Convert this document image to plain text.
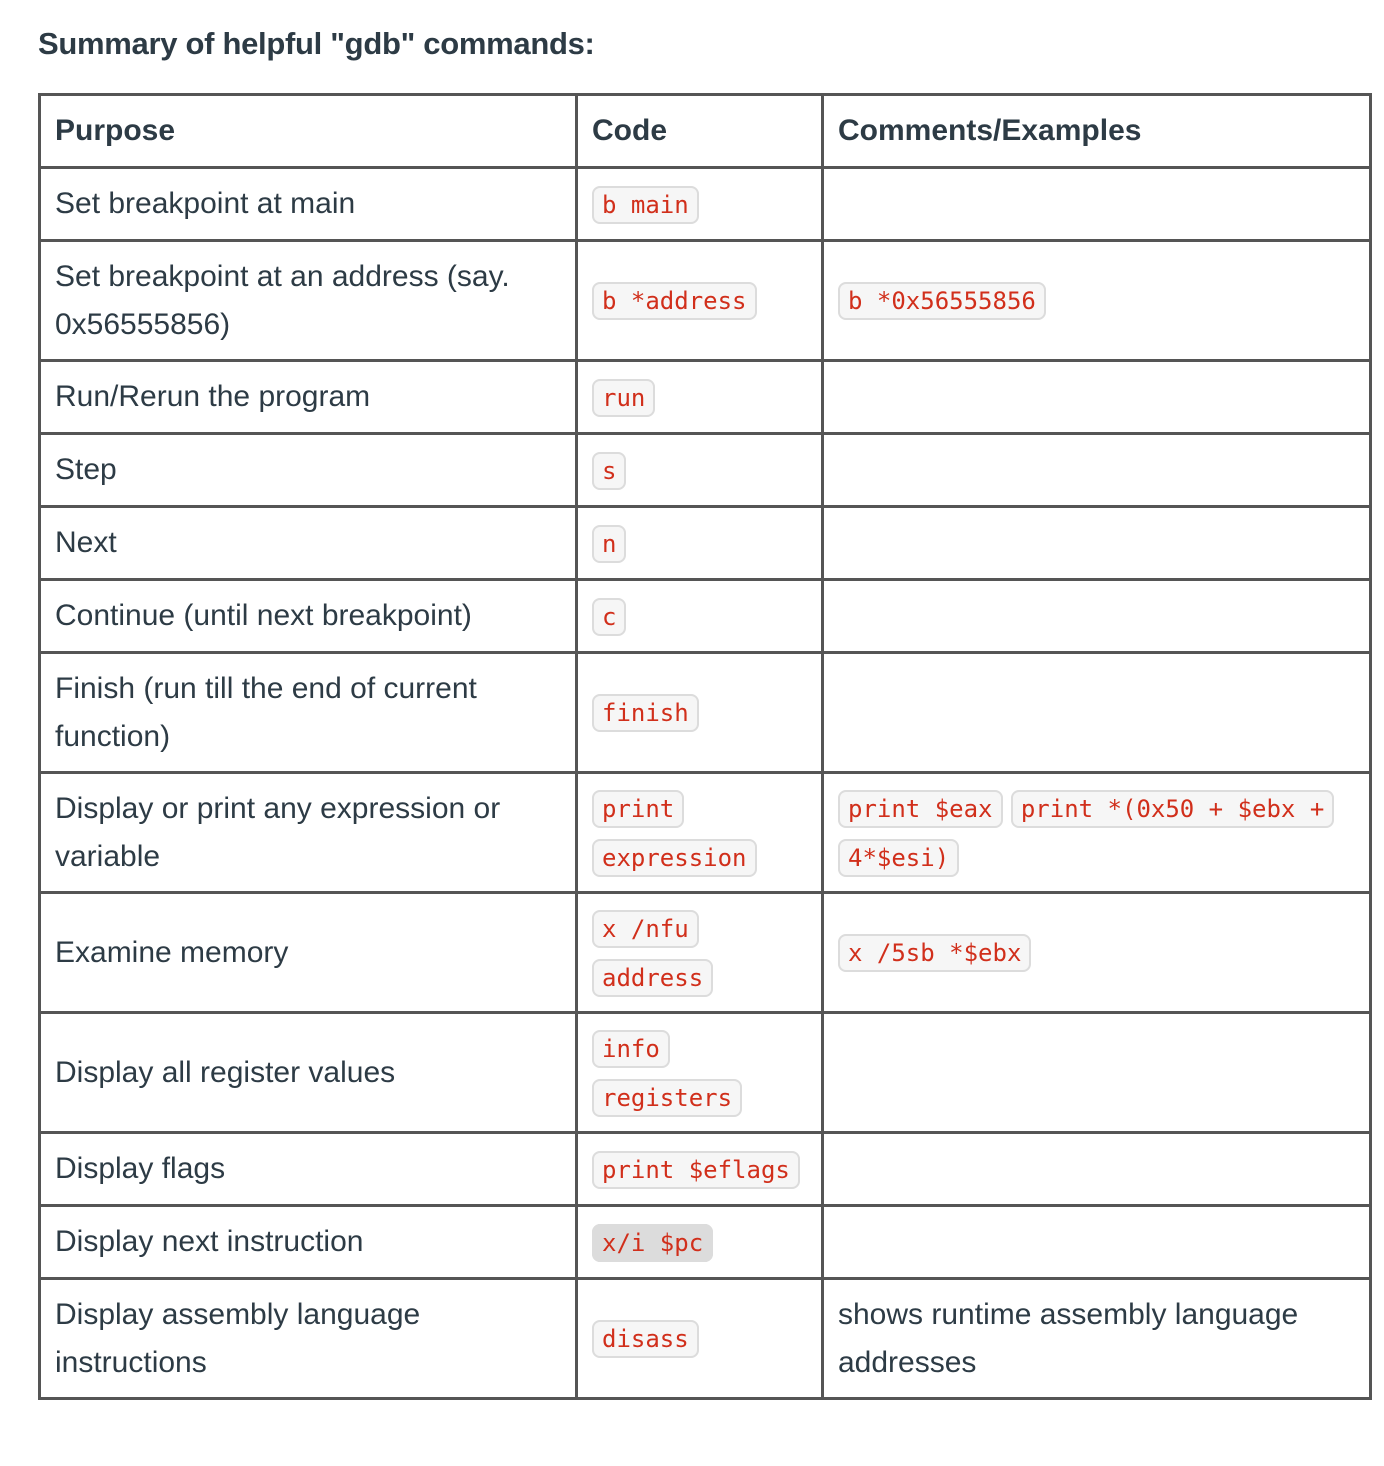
Summary of helpful "gdb" commands:
Purpose	Code	Comments/Examples
Set breakpoint at main	b main	
Set breakpoint at an address (say. 0x56555856)	b *address	b *0x56555856
Run/Rerun the program	run	
Step	s	
Next	n	
Continue (until next breakpoint)	c	
Finish (run till the end of current function)	finish	
Display or print any expression or variable	print expression	print $eax print *(0x50 + $ebx + 4*$esi)
Examine memory	x /nfu address	x /5sb *$ebx
Display all register values	info registers	
Display flags	print $eflags	
Display next instruction	x/i $pc	
Display assembly language instructions	disass	shows runtime assembly language addresses
